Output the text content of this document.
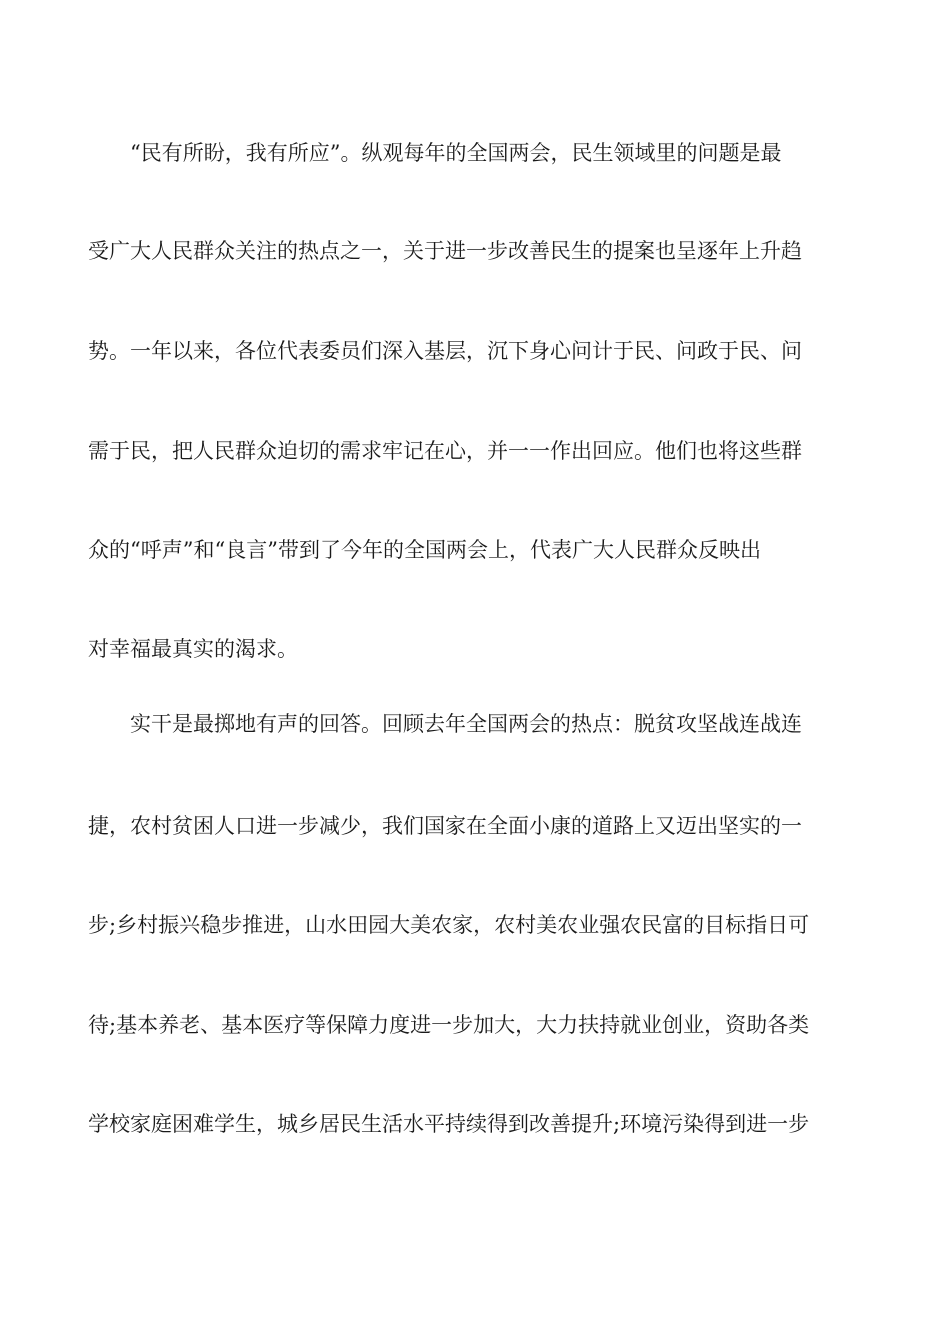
“民有所盼，我有所应”。纵观每年的全国两会，民生领域里的问题是最
受广大人民群众关注的热点之一，关于进一步改善民生的提案也呈逐年上升趋
势。一年以来，各位代表委员们深入基层，沉下身心问计于民、问政于民、问
需于民，把人民群众迫切的需求牢记在心，并一一作出回应。他们也将这些群
众的“呼声”和“良言”带到了今年的全国两会上，代表广大人民群众反映出
对幸福最真实的渴求。
实干是最掷地有声的回答。回顾去年全国两会的热点：脱贫攻坚战连战连
捷，农村贫困人口进一步减少，我们国家在全面小康的道路上又迈出坚实的一
步;乡村振兴稳步推进，山水田园大美农家，农村美农业强农民富的目标指日可
待;基本养老、基本医疗等保障力度进一步加大，大力扶持就业创业，资助各类
学校家庭困难学生，城乡居民生活水平持续得到改善提升;环境污染得到进一步
